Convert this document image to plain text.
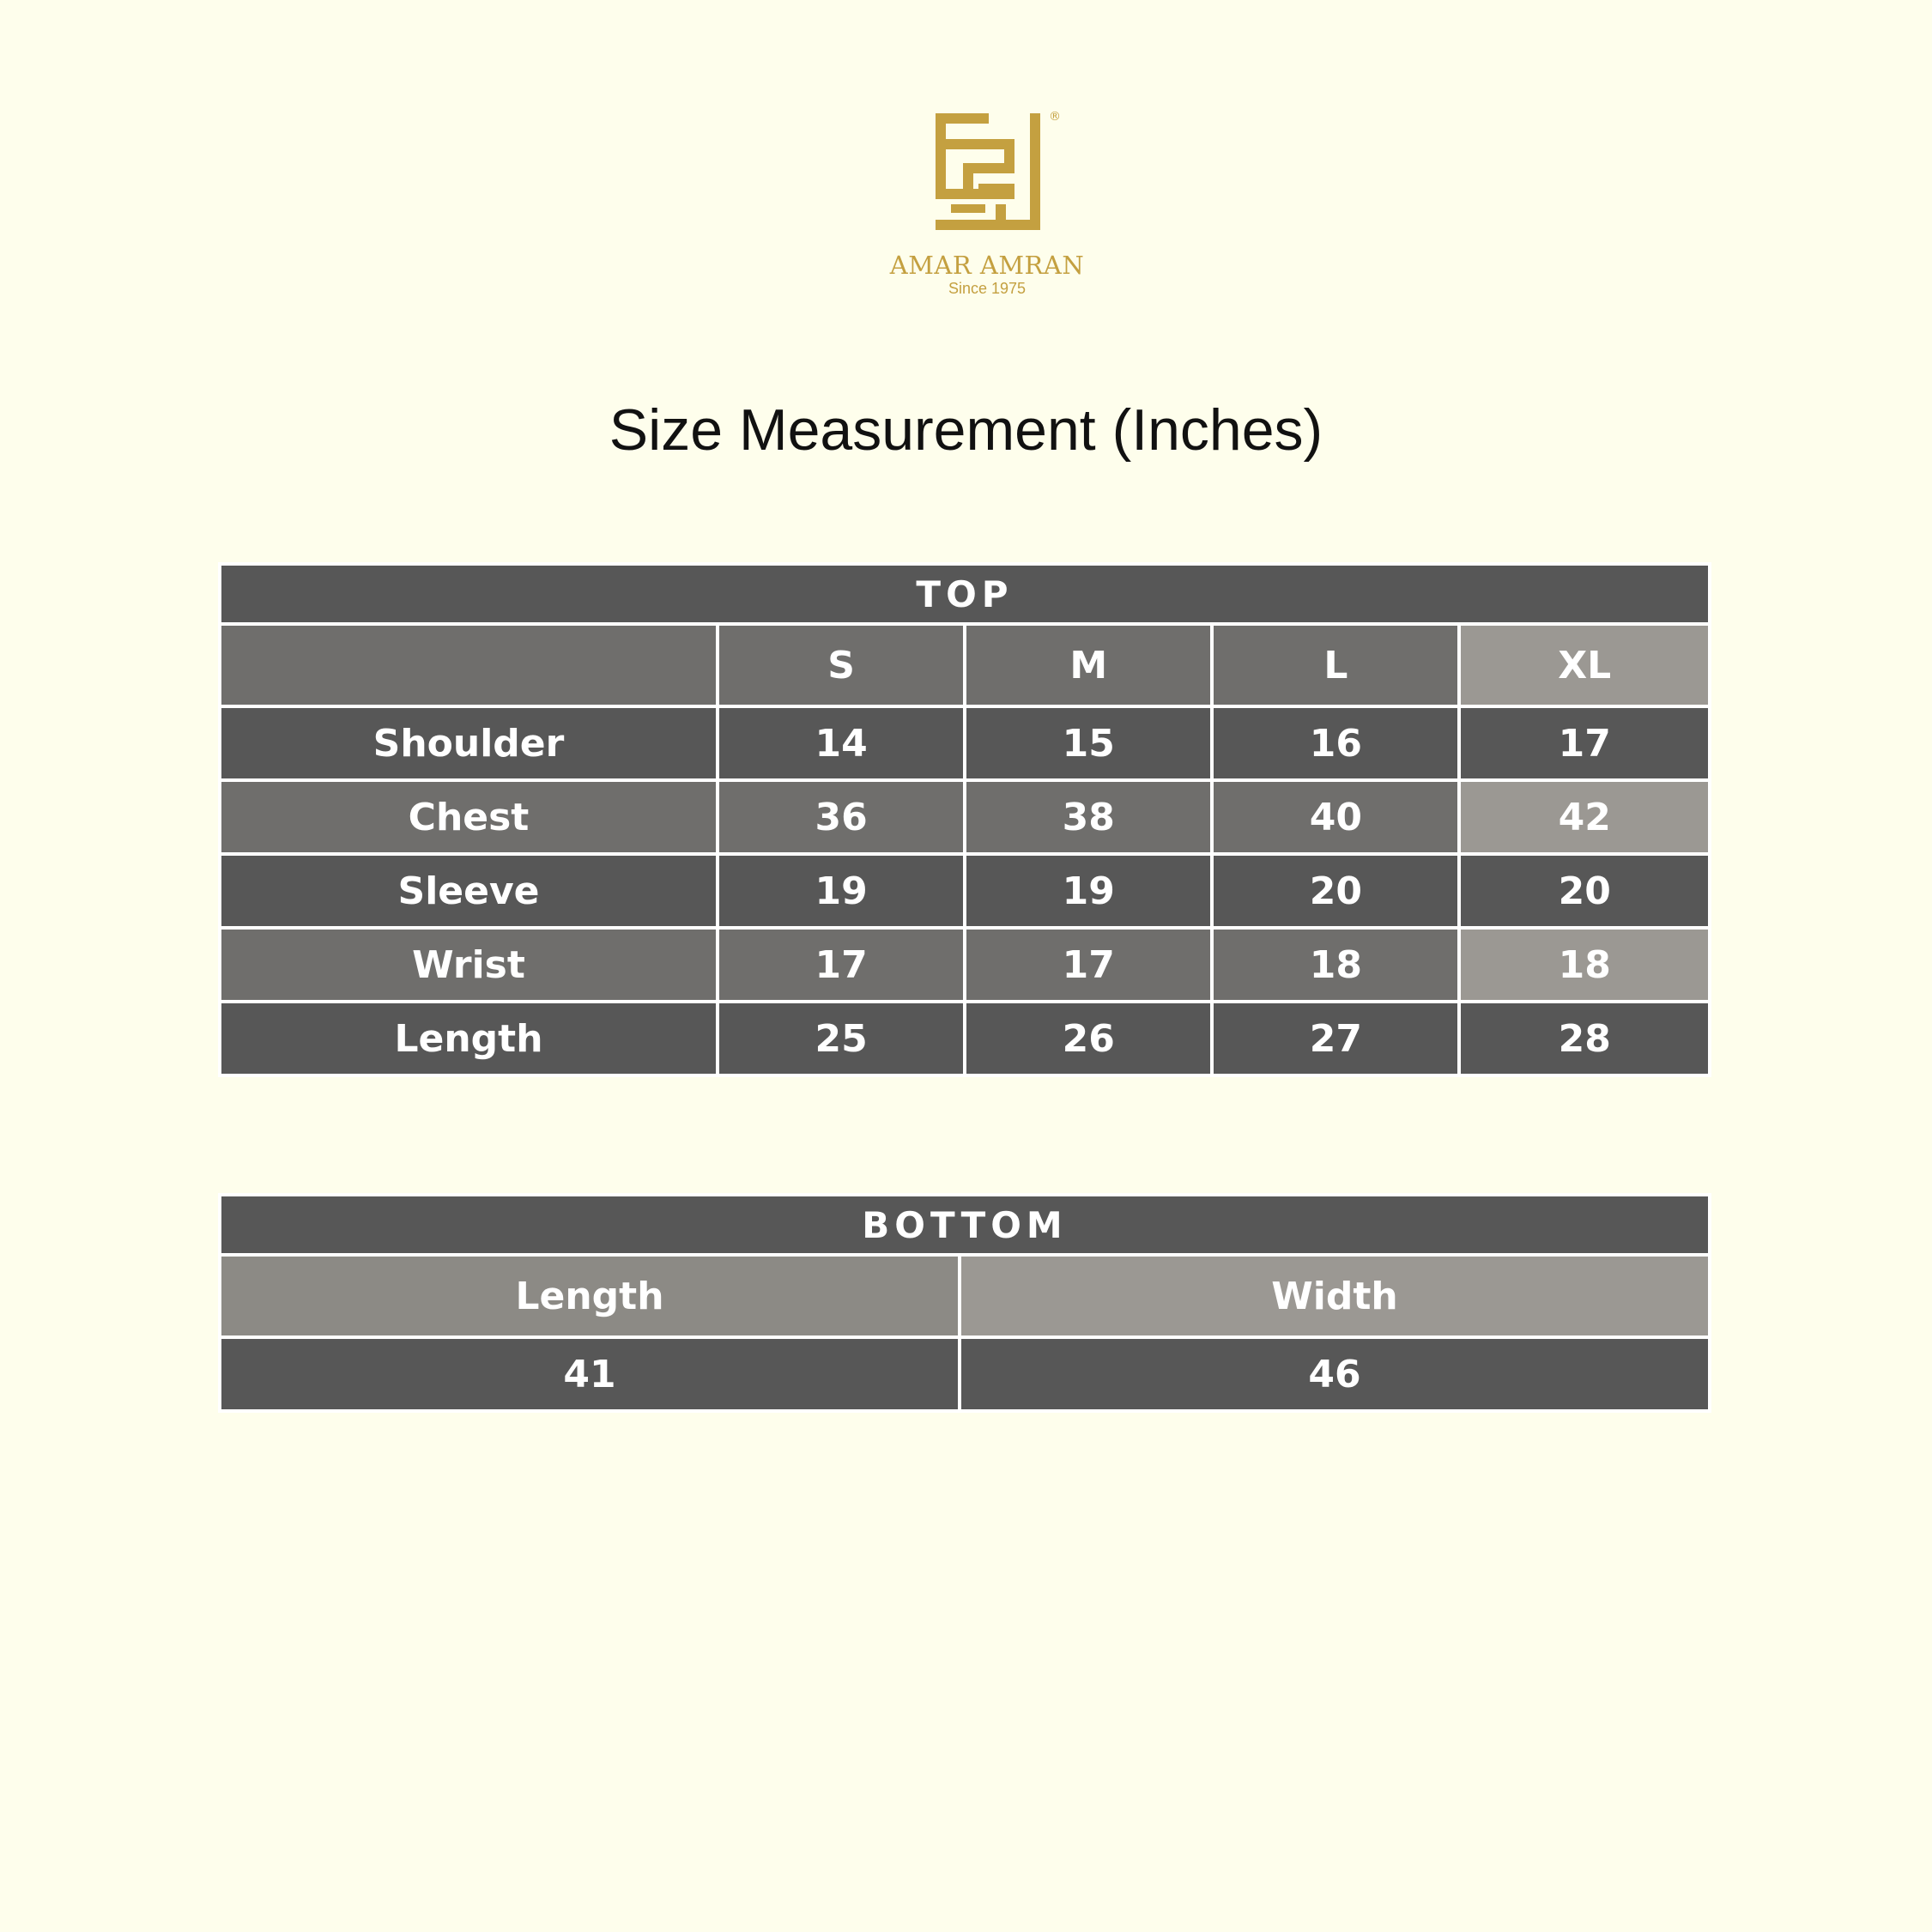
®
AMAR AMRAN
Since 1975
Size Measurement (Inches)
TOP				
	S	M	L	XL
Shoulder	14	15	16	17
Chest	36	38	40	42
Sleeve	19	19	20	20
Wrist	17	17	18	18
Length	25	26	27	28
BOTTOM	
Length	Width
41	46
